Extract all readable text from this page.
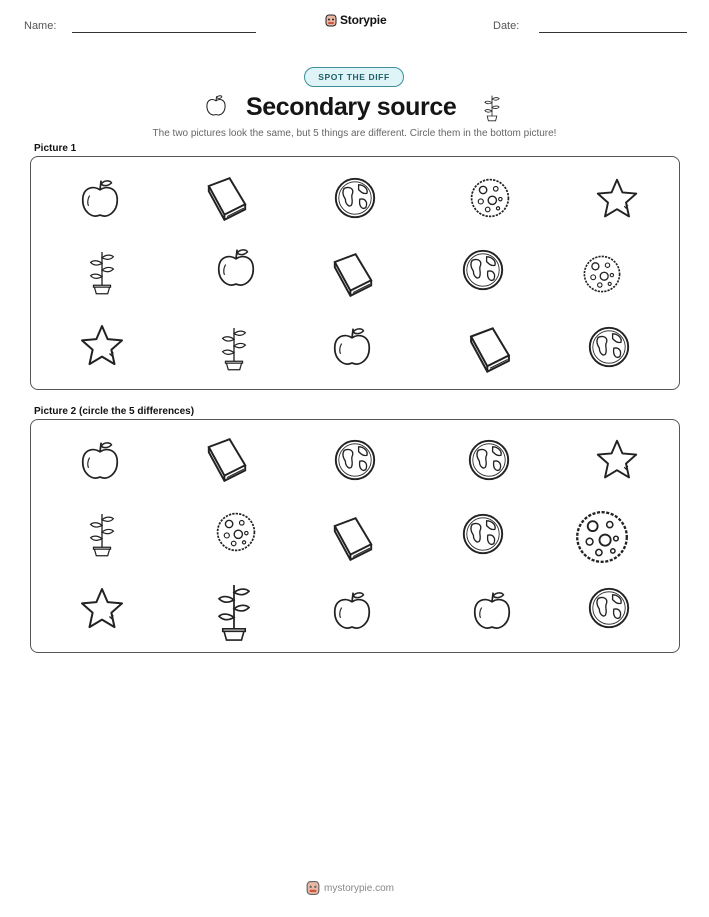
Name:	Storypie	Date:
SPOT THE DIFF
Secondary source
The two pictures look the same, but 5 things are different. Circle them in the bottom picture!
Picture 1
Picture 2 (circle the 5 differences)
mystorypie.com
